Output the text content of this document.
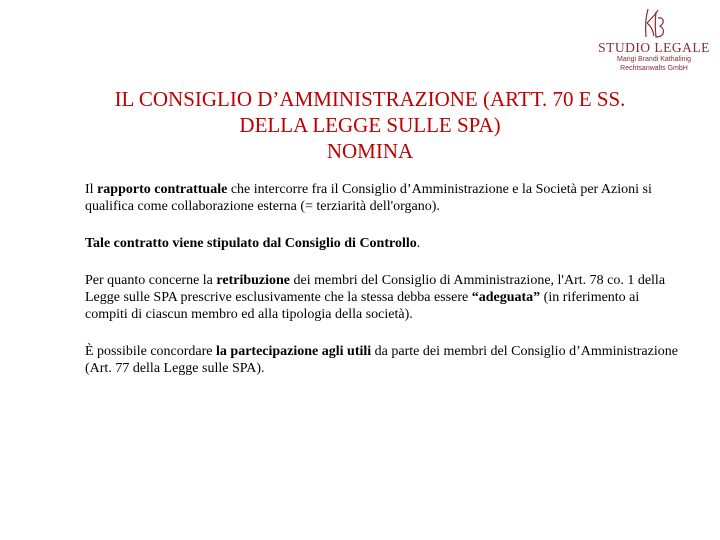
STUDIO LEGALE
Mangi Brandi Kathalinig
Rechtsanwalts GmbH
IL CONSIGLIO D’AMMINISTRAZIONE (ARTT. 70 E SS.
DELLA LEGGE SULLE SPA)
NOMINA

Il rapporto contrattuale che intercorre fra il Consiglio d’Amministrazione e la Società per Azioni si qualifica come collaborazione esterna (= terziarità dell'organo).

Tale contratto viene stipulato dal Consiglio di Controllo.

Per quanto concerne la retribuzione dei membri del Consiglio di Amministrazione, l'Art. 78 co. 1 della Legge sulle SPA prescrive esclusivamente che la stessa debba essere “adeguata” (in riferimento ai compiti di ciascun membro ed alla tipologia della società).

È possibile concordare la partecipazione agli utili da parte dei membri del Consiglio d’Amministrazione (Art. 77 della Legge sulle SPA).
